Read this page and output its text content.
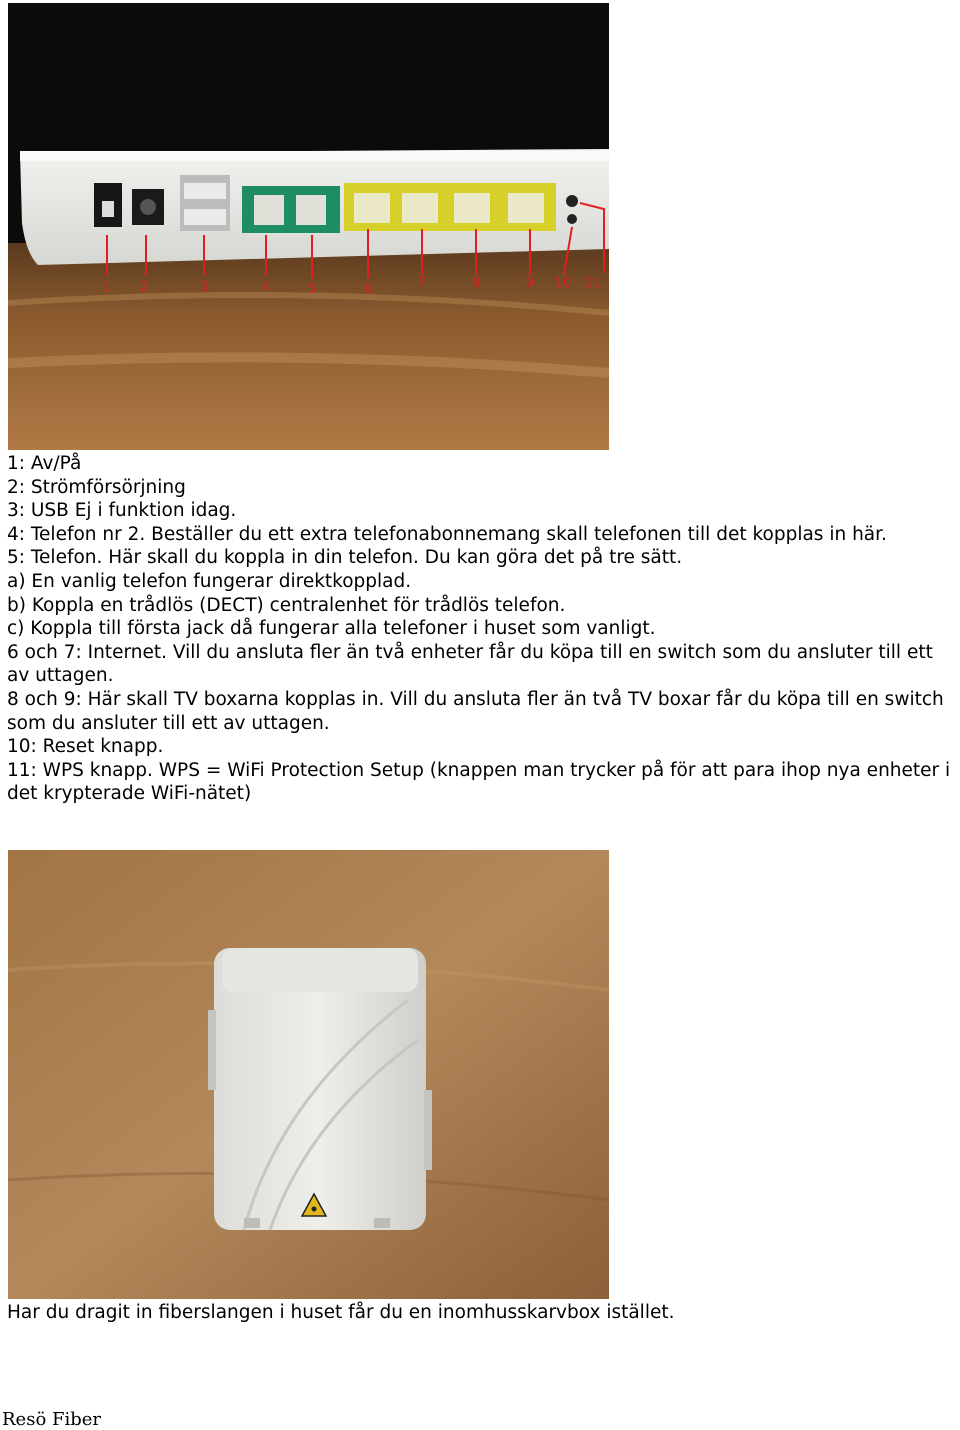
1 2	3	4	5	6	7	8	9 10 11

1: Av/På

2: Strömförsörjning

3: USB Ej i funktion idag.

4: Telefon nr 2. Beställer du ett extra telefonabonnemang skall telefonen till det kopplas in här.

5: Telefon. Här skall du koppla in din telefon. Du kan göra det på tre sätt.

a) En vanlig telefon fungerar direktkopplad.

b) Koppla en trådlös (DECT) centralenhet för trådlös telefon.

c) Koppla till första jack då fungerar alla telefoner i huset som vanligt.

6 och 7: Internet. Vill du ansluta fler än två enheter får du köpa till en switch som du ansluter till ett av uttagen.

8 och 9: Här skall TV boxarna kopplas in. Vill du ansluta fler än två TV boxar får du köpa till en switch som du ansluter till ett av uttagen.

10: Reset knapp.

11: WPS knapp. WPS = WiFi Protection Setup (knappen man trycker på för att para ihop nya enheter i det krypterade WiFi-nätet)

Har du dragit in fiberslangen i huset får du en inomhusskarvbox istället.

Resö Fiber
